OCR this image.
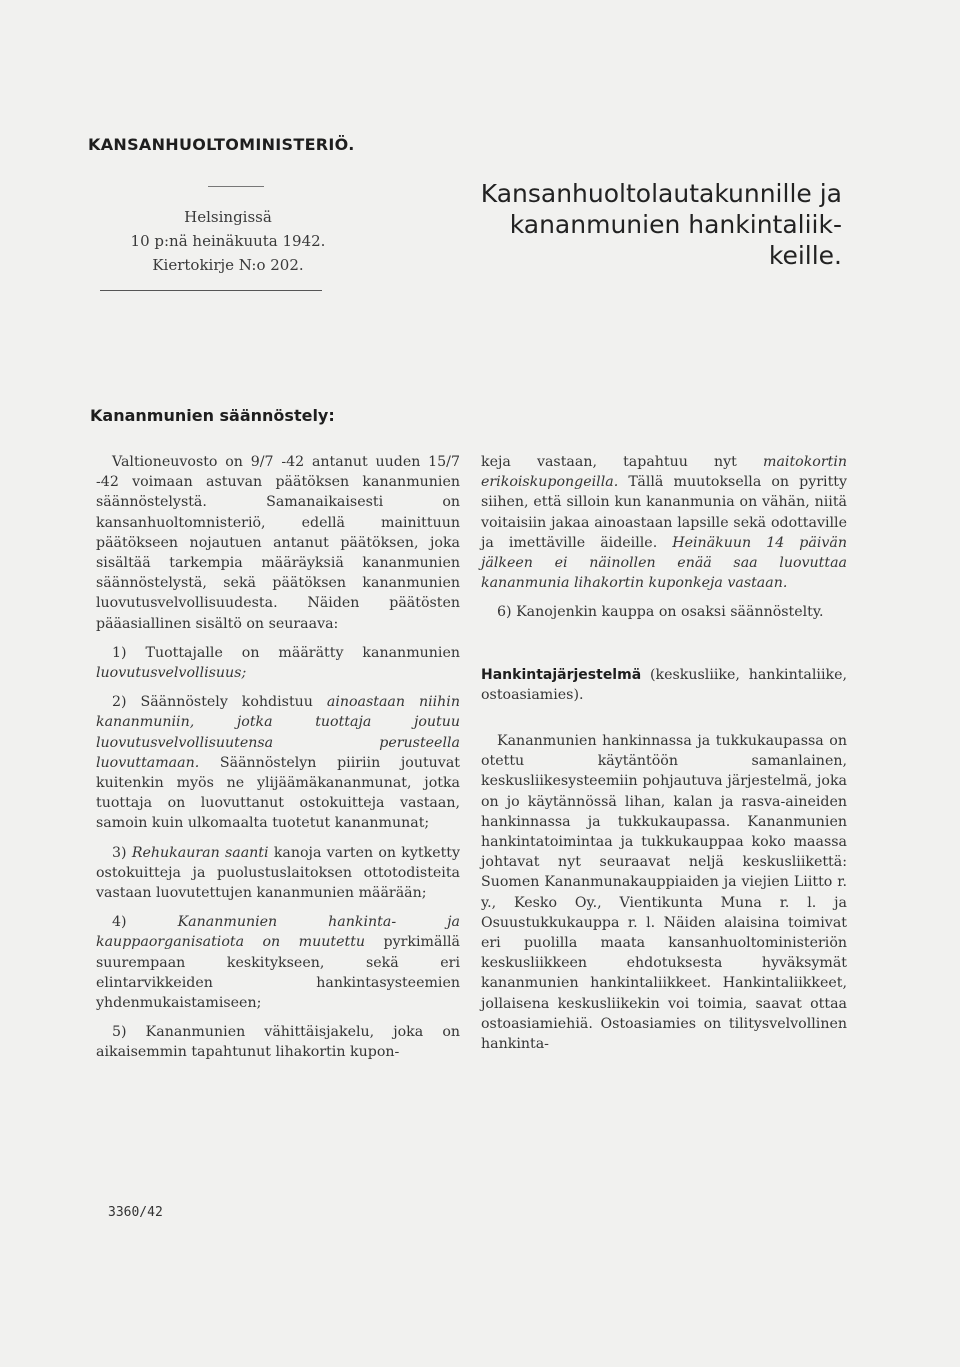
KANSANHUOLTOMINISTERIÖ.
Helsingissä
10 p:nä heinäkuuta 1942.
Kiertokirje N:o 202.
Kansanhuoltolautakunnille ja
kananmunien hankintaliik-
keille.
Kananmunien säännöstely:

Valtioneuvosto on 9/7 -42 antanut uuden 15/7 -42 voimaan astuvan päätöksen kananmunien säännöstelystä. Samanaikaisesti on kansanhuoltomnisteriö, edellä mainittuun päätökseen nojautuen antanut päätöksen, joka sisältää tarkempia määräyksiä kananmunien säännöstelystä, sekä päätöksen kananmunien luovutusvelvollisuudesta. Näiden päätösten pääasiallinen sisältö on seuraava:

1) Tuottajalle on määrätty kananmunien luovutusvelvollisuus;

2) Säännöstely kohdistuu ainoastaan niihin kananmuniin, jotka tuottaja joutuu luovutusvelvollisuutensa perusteella luovuttamaan. Säännöstelyn piiriin joutuvat kuitenkin myös ne ylijäämäkananmunat, jotka tuottaja on luovuttanut ostokuitteja vastaan, samoin kuin ulkomaalta tuotetut kananmunat;

3) Rehukauran saanti kanoja varten on kytketty ostokuitteja ja puolustuslaitoksen ottotodisteita vastaan luovutettujen kananmunien määrään;

4)	Kananmunien hankinta- ja kauppaorganisatiota on muutettu pyrkimällä suurempaan keskitykseen, sekä eri elintarvikkeiden hankintasysteemien yhdenmukaistamiseen;

5) Kananmunien vähittäisjakelu, joka on aikaisemmin tapahtunut lihakortin kupon-

keja vastaan, tapahtuu nyt maitokortin erikoiskupongeilla. Tällä muutoksella on pyritty siihen, että silloin kun kananmunia on vähän, niitä voitaisiin jakaa ainoastaan lapsille sekä odottaville ja imettäville äideille. Heinäkuun 14 päivän jälkeen ei näinollen enää saa luovuttaa kananmunia lihakortin kuponkeja vastaan.

6) Kanojenkin kauppa on osaksi säännöstelty.

Hankintajärjestelmä (keskusliike, hankintaliike, ostoasiamies).

Kananmunien hankinnassa ja tukkukaupassa on otettu käytäntöön samanlainen, keskusliikesysteemiin pohjautuva järjestelmä, joka on jo käytännössä lihan, kalan ja rasva-aineiden hankinnassa ja tukkukaupassa. Kananmunien hankintatoimintaa ja tukkukauppaa koko maassa johtavat nyt seuraavat neljä keskusliikettä: Suomen Kananmunakauppiaiden ja viejien Liitto r. y., Kesko Oy., Vientikunta Muna r. l. ja Osuustukkukauppa r. l. Näiden alaisina toimivat eri puolilla maata kansanhuoltoministeriön keskusliikkeen ehdotuksesta hyväksymät kananmunien hankintaliikkeet. Hankintaliikkeet, jollaisena keskusliikekin voi toimia, saavat ottaa ostoasiamiehiä. Ostoasiamies on tilitysvelvollinen hankinta-

3360/42
